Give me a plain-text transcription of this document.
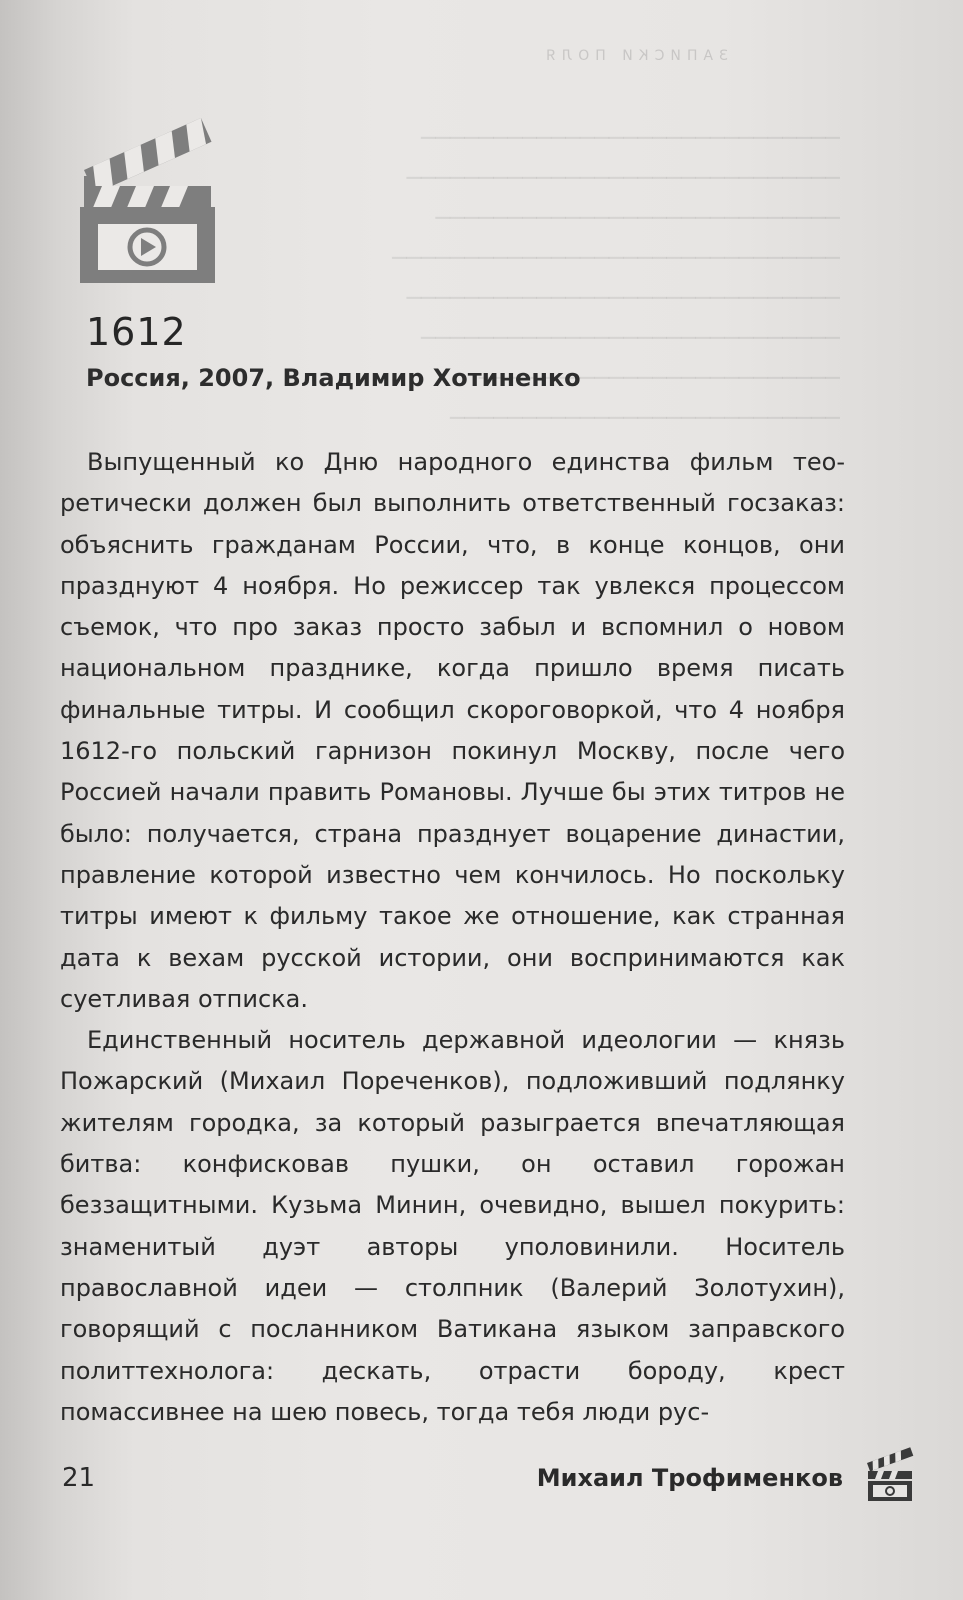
ЗАПИСКИ ПОЛЯ
─────────────────────────────
──────────────────────────────
────────────────────────────
───────────────────────────────
──────────────────────────────
─────────────────────────────
─────────────────────────
───────────────────────────
1612
Россия, 2007, Владимир Хотиненко

Выпущенный ко Дню народного единства фильм теоретически должен был выполнить ответственный госзаказ: объяснить гражданам России, что, в конце концов, они празднуют 4 ноября. Но режиссер так увлекся процессом съемок, что про заказ просто забыл и вспомнил о новом национальном празднике, когда пришло время писать финальные титры. И сообщил скороговоркой, что 4 ноября 1612-го польский гарнизон покинул Москву, после чего Россией начали править Романовы. Лучше бы этих титров не было: получается, страна празднует воцарение династии, правление которой известно чем кончилось. Но поскольку титры имеют к фильму такое же отношение, как странная дата к вехам русской истории, они воспринимаются как суетливая отписка.

Единственный носитель державной идеологии — князь Пожарский (Михаил Пореченков), подложивший подлянку жителям городка, за который разыграется впечатляющая битва: конфисковав пушки, он оставил горожан беззащитными. Кузьма Минин, очевидно, вышел покурить: знаменитый дуэт авторы уполовинили. Носитель православной идеи — столпник (Валерий Золотухин), говорящий с посланником Ватикана языком заправского политтехнолога: дескать, отрасти бороду, крест помассивнее на шею повесь, тогда тебя люди рус-

21	Михаил Трофименков
